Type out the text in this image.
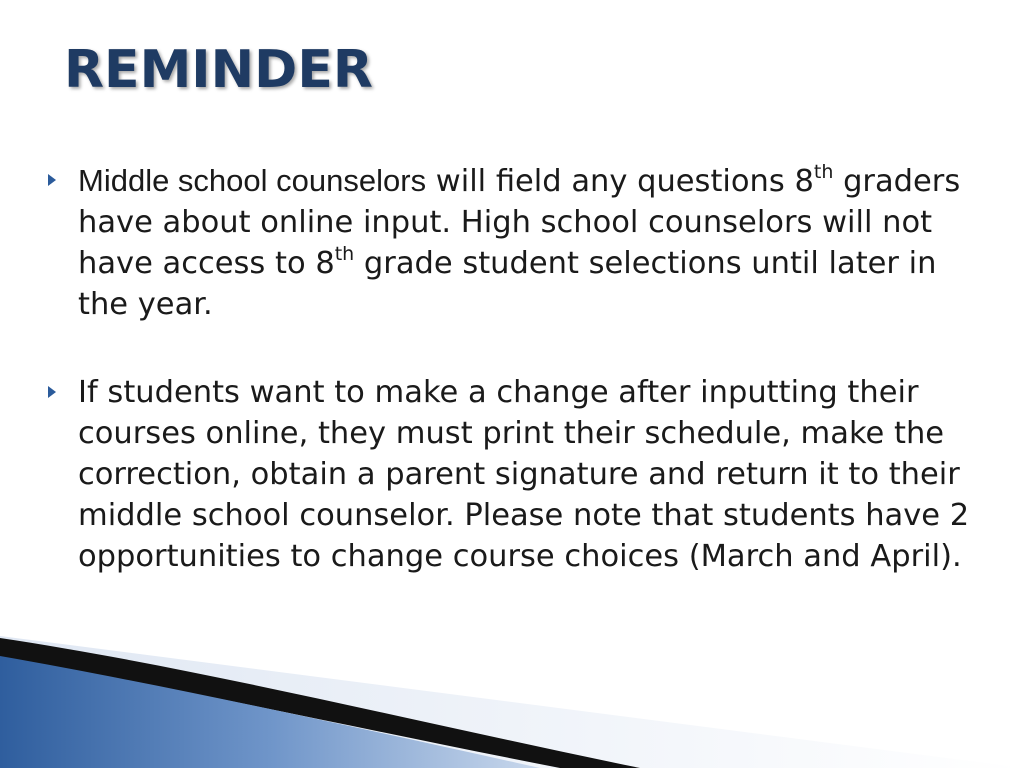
REMINDER
Middle school counselors will field any questions 8th graders have about online input. High school counselors will not have access to 8th grade student selections until later in the year.
If students want to make a change after inputting their courses online, they must print their schedule, make the correction, obtain a parent signature and return it to their middle school counselor. Please note that students have 2 opportunities to change course choices (March and April).
